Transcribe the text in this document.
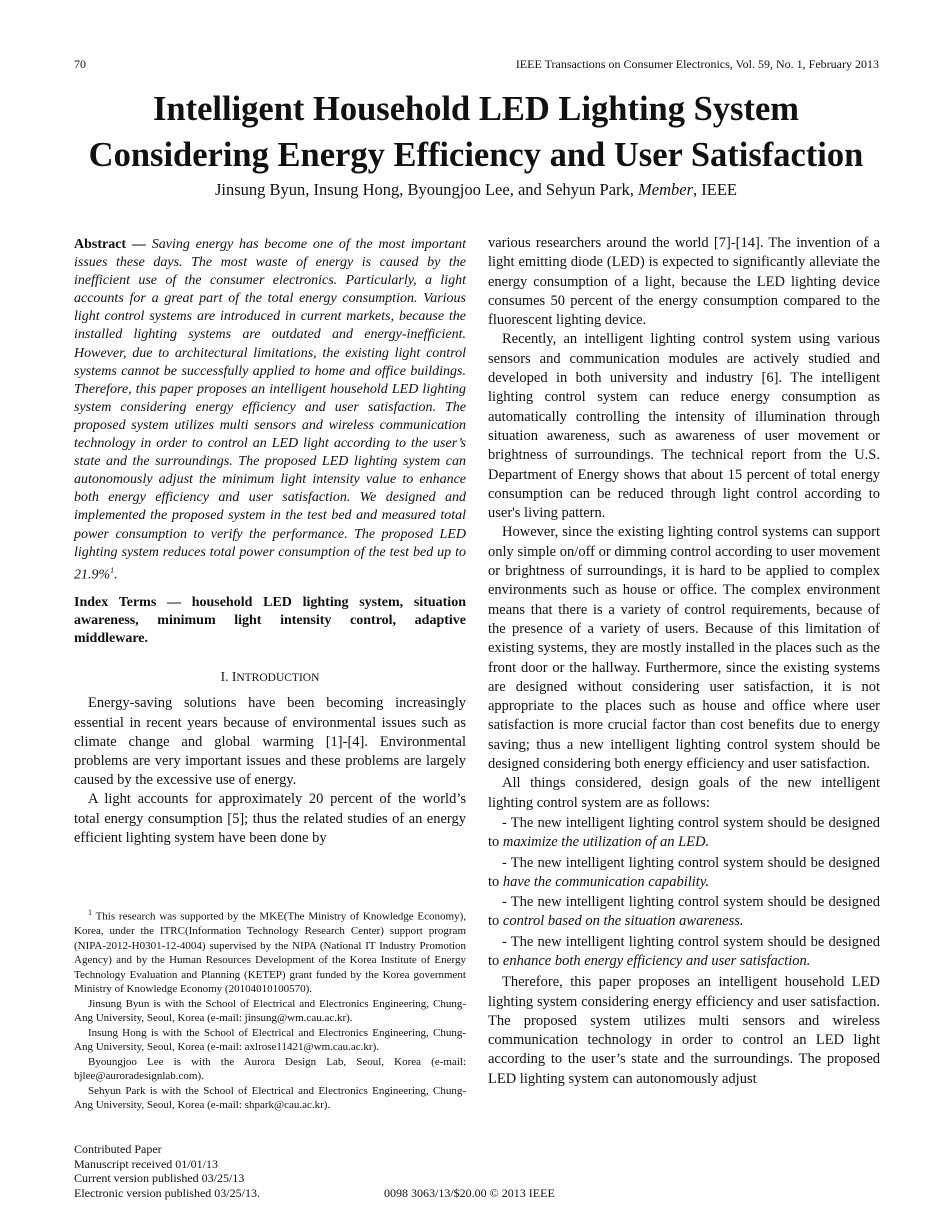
70	IEEE Transactions on Consumer Electronics, Vol. 59, No. 1, February 2013
Intelligent Household LED Lighting System
Considering Energy Efficiency and User Satisfaction
Jinsung Byun, Insung Hong, Byoungjoo Lee, and Sehyun Park, Member, IEEE

Abstract — Saving energy has become one of the most important issues these days. The most waste of energy is caused by the inefficient use of the consumer electronics. Particularly, a light accounts for a great part of the total energy consumption. Various light control systems are introduced in current markets, because the installed lighting systems are outdated and energy-inefficient. However, due to architectural limitations, the existing light control systems cannot be successfully applied to home and office buildings. Therefore, this paper proposes an intelligent household LED lighting system considering energy efficiency and user satisfaction. The proposed system utilizes multi sensors and wireless communication technology in order to control an LED light according to the user’s state and the surroundings. The proposed LED lighting system can autonomously adjust the minimum light intensity value to enhance both energy efficiency and user satisfaction. We designed and implemented the proposed system in the test bed and measured total power consumption to verify the performance. The proposed LED lighting system reduces total power consumption of the test bed up to 21.9%$^1$.

Index Terms — household LED lighting system, situation awareness, minimum light intensity control, adaptive middleware.

I. INTRODUCTION

Energy-saving solutions have been becoming increasingly essential in recent years because of environmental issues such as climate change and global warming [1]-[4]. Environmental problems are very important issues and these problems are largely caused by the excessive use of energy.

A light accounts for approximately 20 percent of the world’s total energy consumption [5]; thus the related studies of an energy efficient lighting system have been done by

$^1$ This research was supported by the MKE(The Ministry of Knowledge Economy), Korea, under the ITRC(Information Technology Research Center) support program (NIPA-2012-H0301-12-4004) supervised by the NIPA (National IT Industry Promotion Agency) and by the Human Resources Development of the Korea Institute of Energy Technology Evaluation and Planning (KETEP) grant funded by the Korea government Ministry of Knowledge Economy (20104010100570).

Jinsung Byun is with the School of Electrical and Electronics Engineering, Chung-Ang University, Seoul, Korea (e-mail: jinsung@wm.cau.ac.kr).

Insung Hong is with the School of Electrical and Electronics Engineering, Chung-Ang University, Seoul, Korea (e-mail: axlrose11421@wm.cau.ac.kr).

Byoungjoo Lee is with the Aurora Design Lab, Seoul, Korea (e-mail: bjlee@auroradesignlab.com).

Sehyun Park is with the School of Electrical and Electronics Engineering, Chung-Ang University, Seoul, Korea (e-mail: shpark@cau.ac.kr).

Contributed Paper
Manuscript received 01/01/13
Current version published 03/25/13
Electronic version published 03/25/13.	0098 3063/13/$20.00 © 2013 IEEE

various researchers around the world [7]-[14]. The invention of a light emitting diode (LED) is expected to significantly alleviate the energy consumption of a light, because the LED lighting device consumes 50 percent of the energy consumption compared to the fluorescent lighting device.

Recently, an intelligent lighting control system using various sensors and communication modules are actively studied and developed in both university and industry [6]. The intelligent lighting control system can reduce energy consumption as automatically controlling the intensity of illumination through situation awareness, such as awareness of user movement or brightness of surroundings. The technical report from the U.S. Department of Energy shows that about 15 percent of total energy consumption can be reduced through light control according to user's living pattern.

However, since the existing lighting control systems can support only simple on/off or dimming control according to user movement or brightness of surroundings, it is hard to be applied to complex environments such as house or office. The complex environment means that there is a variety of control requirements, because of the presence of a variety of users. Because of this limitation of existing systems, they are mostly installed in the places such as the front door or the hallway. Furthermore, since the existing systems are designed without considering user satisfaction, it is not appropriate to the places such as house and office where user satisfaction is more crucial factor than cost benefits due to energy saving; thus a new intelligent lighting control system should be designed considering both energy efficiency and user satisfaction.

All things considered, design goals of the new intelligent lighting control system are as follows:

- The new intelligent lighting control system should be designed to maximize the utilization of an LED.

- The new intelligent lighting control system should be designed to have the communication capability.

- The new intelligent lighting control system should be designed to control based on the situation awareness.

- The new intelligent lighting control system should be designed to enhance both energy efficiency and user satisfaction.

Therefore, this paper proposes an intelligent household LED lighting system considering energy efficiency and user satisfaction. The proposed system utilizes multi sensors and wireless communication technology in order to control an LED light according to the user’s state and the surroundings. The proposed LED lighting system can autonomously adjust
